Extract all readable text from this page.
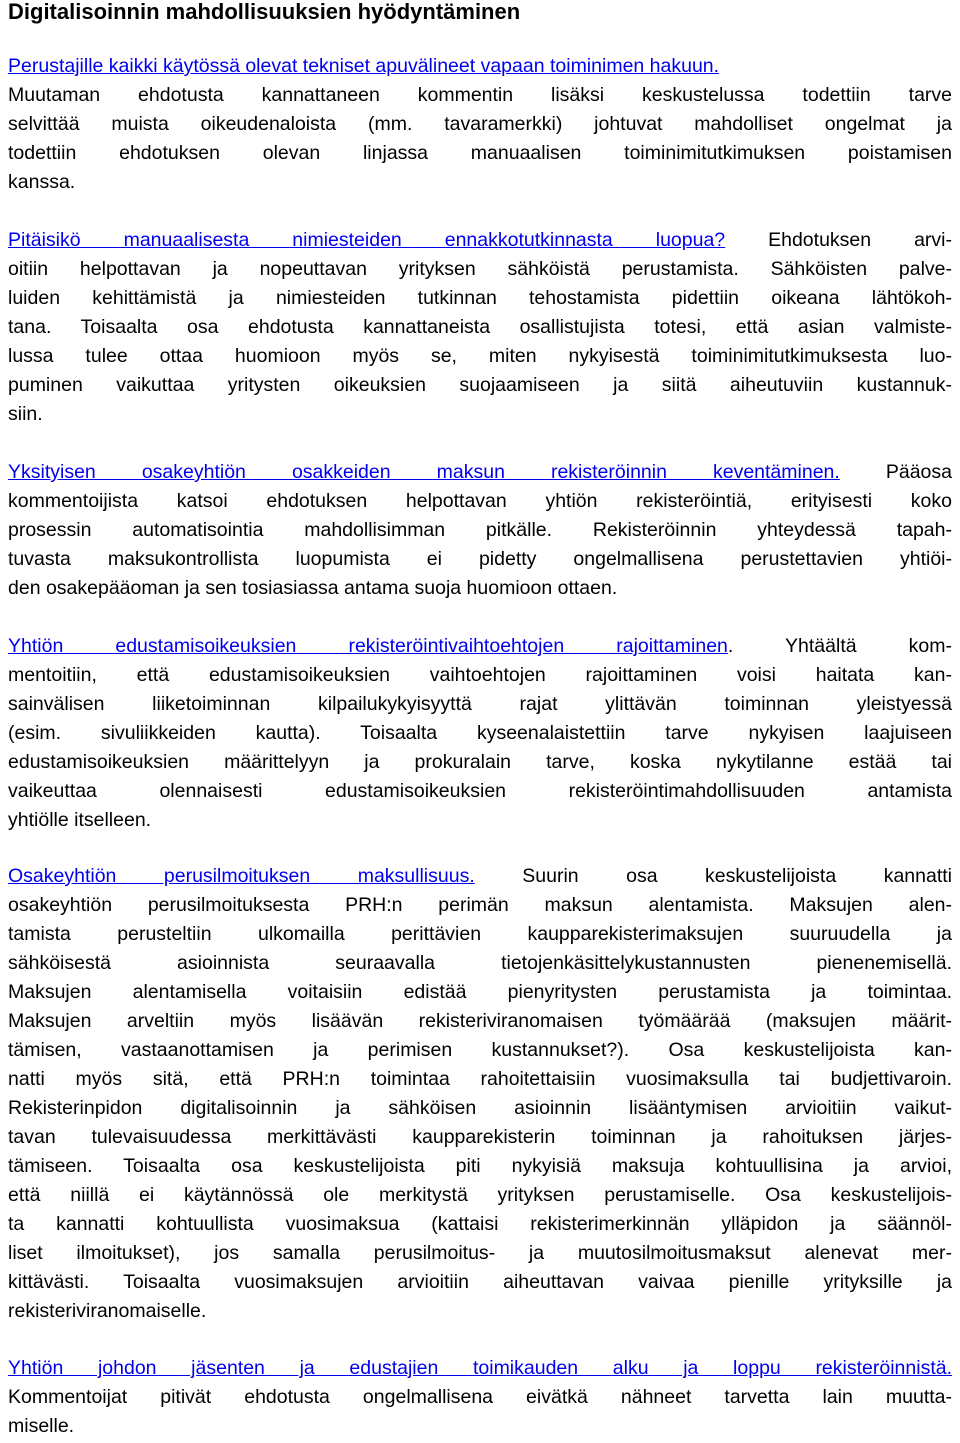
Digitalisoinnin mahdollisuuksien hyödyntäminen
Perustajille kaikki käytössä olevat tekniset apuvälineet vapaan toiminimen hakuun.
Muutaman ehdotusta kannattaneen kommentin lisäksi keskustelussa todettiin tarve
selvittää muista oikeudenaloista (mm. tavaramerkki) johtuvat mahdolliset ongelmat ja
todettiin ehdotuksen olevan linjassa manuaalisen toiminimitutkimuksen poistamisen
kanssa.
Pitäisikö manuaalisesta nimiesteiden ennakkotutkinnasta luopua? Ehdotuksen arvi-
oitiin helpottavan ja nopeuttavan yrityksen sähköistä perustamista. Sähköisten palve-
luiden kehittämistä ja nimiesteiden tutkinnan tehostamista pidettiin oikeana lähtökoh-
tana. Toisaalta osa ehdotusta kannattaneista osallistujista totesi, että asian valmiste-
lussa tulee ottaa huomioon myös se, miten nykyisestä toiminimitutkimuksesta luo-
puminen vaikuttaa yritysten oikeuksien suojaamiseen ja siitä aiheutuviin kustannuk-
siin.
Yksityisen osakeyhtiön osakkeiden maksun rekisteröinnin keventäminen. Pääosa
kommentoijista katsoi ehdotuksen helpottavan yhtiön rekisteröintiä, erityisesti koko
prosessin automatisointia mahdollisimman pitkälle. Rekisteröinnin yhteydessä tapah-
tuvasta maksukontrollista luopumista ei pidetty ongelmallisena perustettavien yhtiöi-
den osakepääoman ja sen tosiasiassa antama suoja huomioon ottaen.
Yhtiön edustamisoikeuksien rekisteröintivaihtoehtojen rajoittaminen. Yhtäältä kom-
mentoitiin, että edustamisoikeuksien vaihtoehtojen rajoittaminen voisi haitata kan-
sainvälisen liiketoiminnan kilpailukykyisyyttä rajat ylittävän toiminnan yleistyessä
(esim. sivuliikkeiden kautta). Toisaalta kyseenalaistettiin tarve nykyisen laajuiseen
edustamisoikeuksien määrittelyyn ja prokuralain tarve, koska nykytilanne estää tai
vaikeuttaa olennaisesti edustamisoikeuksien rekisteröintimahdollisuuden antamista
yhtiölle itselleen.
Osakeyhtiön perusilmoituksen maksullisuus. Suurin osa keskustelijoista kannatti
osakeyhtiön perusilmoituksesta PRH:n perimän maksun alentamista. Maksujen alen-
tamista perusteltiin ulkomailla perittävien kaupparekisterimaksujen suuruudella ja
sähköisestä asioinnista seuraavalla tietojenkäsittelykustannusten pienenemisellä.
Maksujen alentamisella voitaisiin edistää pienyritysten perustamista ja toimintaa.
Maksujen arveltiin myös lisäävän rekisteriviranomaisen työmäärää (maksujen määrit-
tämisen, vastaanottamisen ja perimisen kustannukset?). Osa keskustelijoista kan-
natti myös sitä, että PRH:n toimintaa rahoitettaisiin vuosimaksulla tai budjettivaroin.
Rekisterinpidon digitalisoinnin ja sähköisen asioinnin lisääntymisen arvioitiin vaikut-
tavan tulevaisuudessa merkittävästi kaupparekisterin toiminnan ja rahoituksen järjes-
tämiseen. Toisaalta osa keskustelijoista piti nykyisiä maksuja kohtuullisina ja arvioi,
että niillä ei käytännössä ole merkitystä yrityksen perustamiselle. Osa keskustelijois-
ta kannatti kohtuullista vuosimaksua (kattaisi rekisterimerkinnän ylläpidon ja säännöl-
liset ilmoitukset), jos samalla perusilmoitus- ja muutosilmoitusmaksut alenevat mer-
kittävästi. Toisaalta vuosimaksujen arvioitiin aiheuttavan vaivaa pienille yrityksille ja
rekisteriviranomaiselle.
Yhtiön johdon jäsenten ja edustajien toimikauden alku ja loppu rekisteröinnistä.
Kommentoijat pitivät ehdotusta ongelmallisena eivätkä nähneet tarvetta lain muutta-
miselle.
